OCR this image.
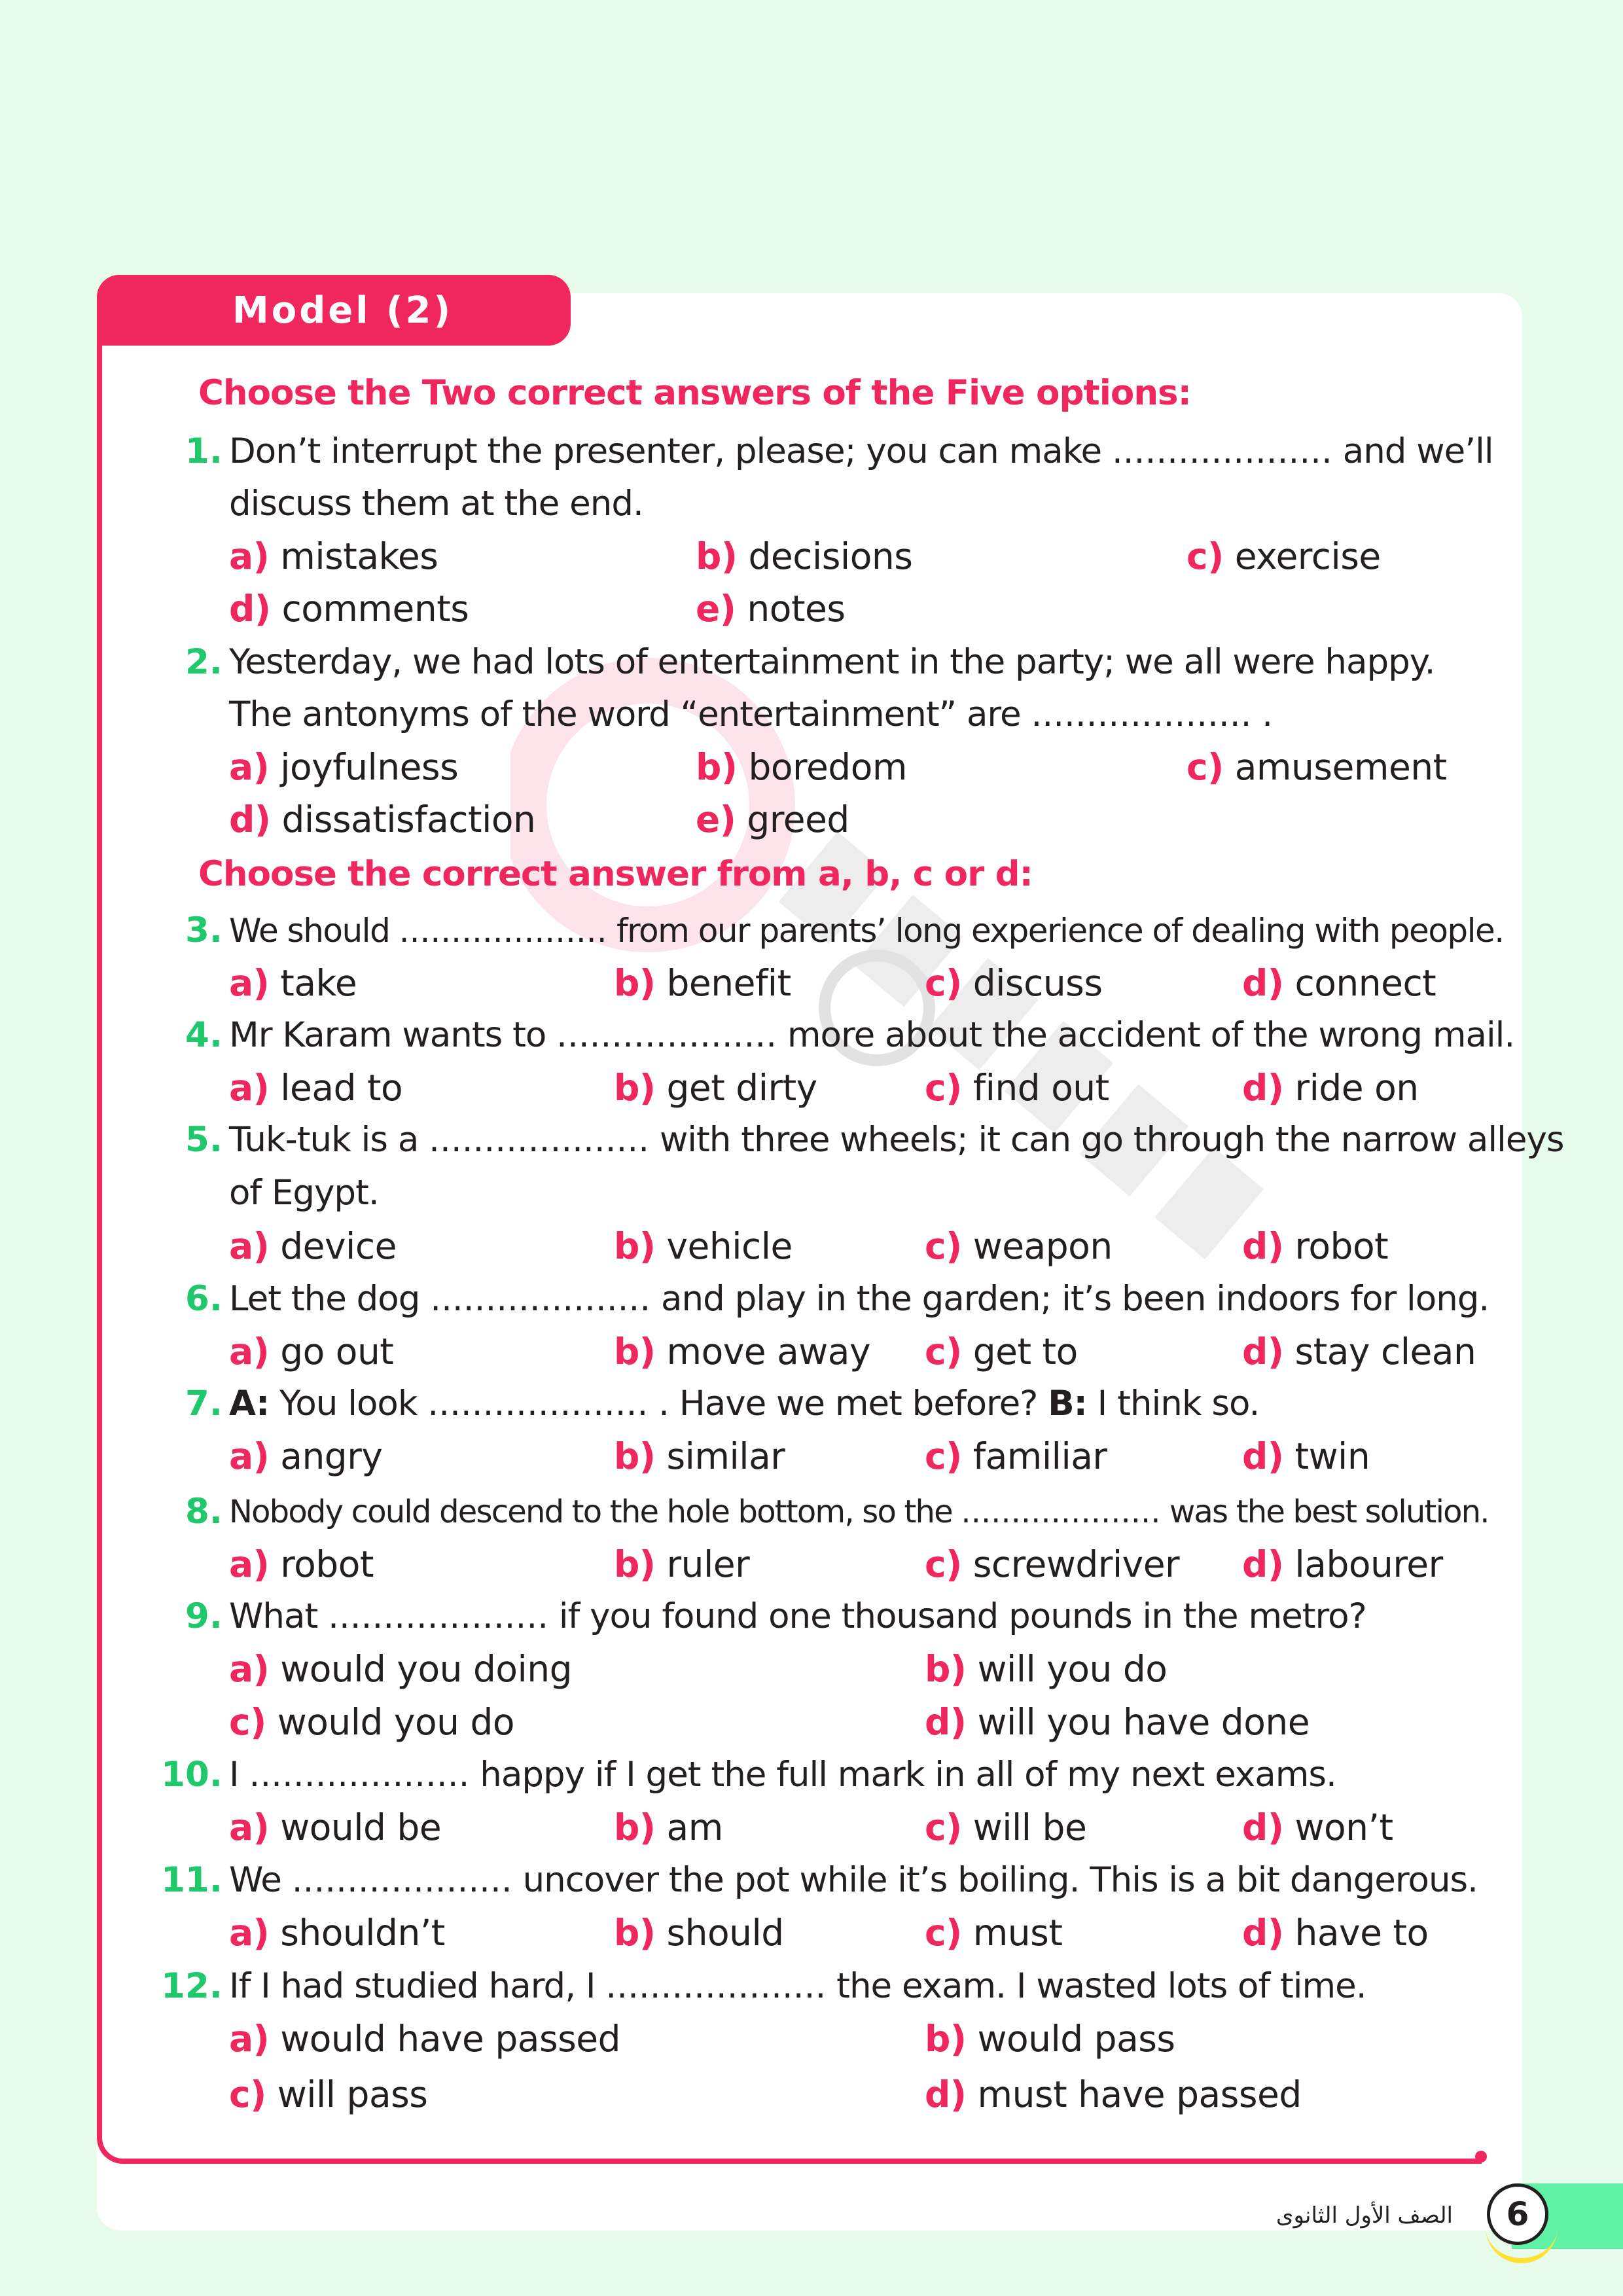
Model (2)
Choose the Two correct answers of the Five options:
1. Don’t interrupt the presenter, please; you can make .................... and we’ll
discuss them at the end.
a) mistakes	b) decisions	c) exercise
d) comments	e) notes
2. Yesterday, we had lots of entertainment in the party; we all were happy.
The antonyms of the word “entertainment” are .................... .
a) joyfulness	b) boredom	c) amusement
d) dissatisfaction	e) greed
Choose the correct answer from a, b, c or d:
3. We should .................... from our parents’ long experience of dealing with people.
a) take	b) benefit	c) discuss	d) connect
4. Mr Karam wants to .................... more about the accident of the wrong mail.
a) lead to	b) get dirty	c) find out	d) ride on
5. Tuk-tuk is a .................... with three wheels; it can go through the narrow alleys
of Egypt.
a) device	b) vehicle	c) weapon	d) robot
6. Let the dog .................... and play in the garden; it’s been indoors for long.
a) go out	b) move away c) get to	d) stay clean
7. A: You look .................... . Have we met before? B: I think so.
a) angry	b) similar	c) familiar	d) twin
8. Nobody could descend to the hole bottom, so the .................... was the best solution.
a) robot	b) ruler	c) screwdriver d) labourer
9. What .................... if you found one thousand pounds in the metro?
a) would you doing	b) will you do
c) would you do	d) will you have done
10. I .................... happy if I get the full mark in all of my next exams.
a) would be	b) am	c) will be	d) won’t
11. We .................... uncover the pot while it’s boiling. This is a bit dangerous.
a) shouldn’t	b) should	c) must	d) have to
12. If I had studied hard, I .................... the exam. I wasted lots of time.
a) would have passed	b) would pass
c) will pass	d) must have passed
6
الصف الأول الثانوى
